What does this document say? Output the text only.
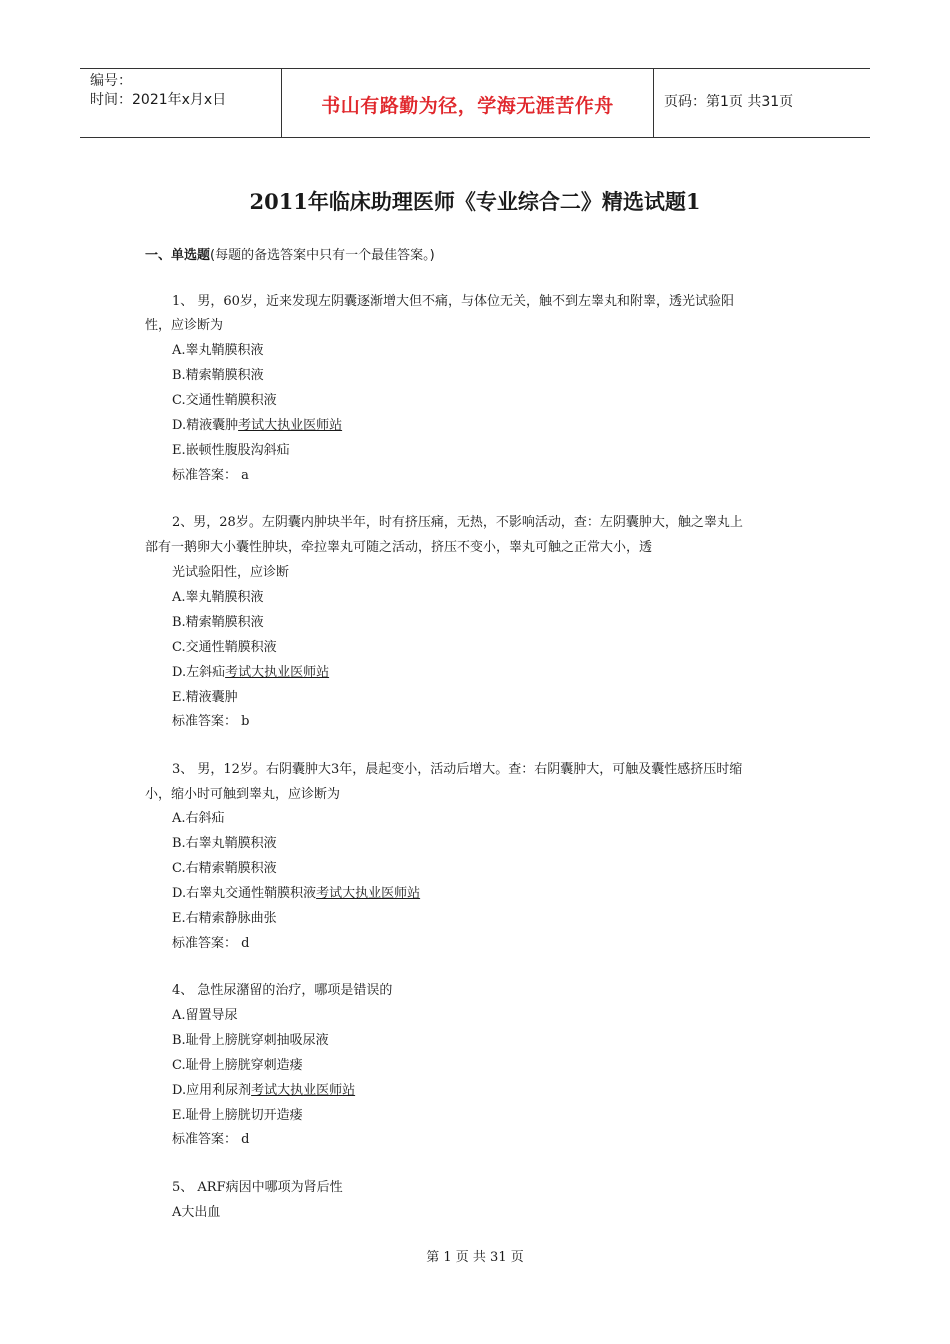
编号：
时间：2021年x月x日	书山有路勤为径，学海无涯苦作舟	页码：第1页 共31页
2011年临床助理医师《专业综合二》精选试题1
一、单选题(每题的备选答案中只有一个最佳答案。)
1、 男，60岁，近来发现左阴囊逐渐增大但不痛，与体位无关，触不到左睾丸和附睾，透光试验阳
性，应诊断为
A.睾丸鞘膜积液
B.精索鞘膜积液
C.交通性鞘膜积液
D.精液囊肿考试大执业医师站
E.嵌顿性腹股沟斜疝
标准答案： a
2、男，28岁。左阴囊内肿块半年，时有挤压痛，无热，不影响活动，查：左阴囊肿大，触之睾丸上
部有一鹅卵大小囊性肿块，牵拉睾丸可随之活动，挤压不变小，睾丸可触之正常大小，透
光试验阳性，应诊断
A.睾丸鞘膜积液
B.精索鞘膜积液
C.交通性鞘膜积液
D.左斜疝考试大执业医师站
E.精液囊肿
标准答案： b
3、 男，12岁。右阴囊肿大3年，晨起变小，活动后增大。查：右阴囊肿大，可触及囊性感挤压时缩
小，缩小时可触到睾丸，应诊断为
A.右斜疝
B.右睾丸鞘膜积液
C.右精索鞘膜积液
D.右睾丸交通性鞘膜积液考试大执业医师站
E.右精索静脉曲张
标准答案： d
4、 急性尿潴留的治疗，哪项是错误的
A.留置导尿
B.耻骨上膀胱穿刺抽吸尿液
C.耻骨上膀胱穿刺造瘘
D.应用利尿剂考试大执业医师站
E.耻骨上膀胱切开造瘘
标准答案： d
5、 ARF病因中哪项为肾后性
A大出血
第 1 页 共 31 页
